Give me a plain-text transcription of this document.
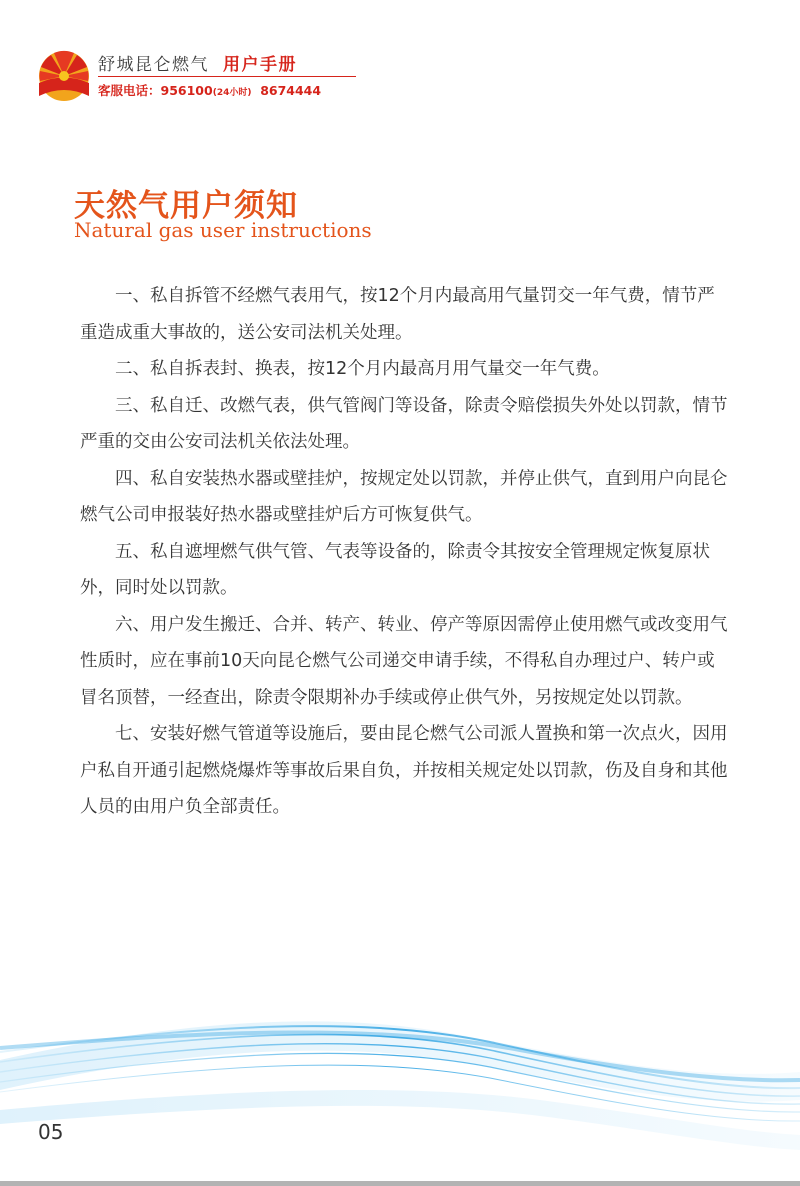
舒城昆仑燃气 用户手册
客服电话：956100(24小时) 8674444
天然气用户须知
Natural gas user instructions

一、私自拆管不经燃气表用气，按12个月内最高用气量罚交一年气费，情节严重造成重大事故的，送公安司法机关处理。

二、私自拆表封、换表，按12个月内最高月用气量交一年气费。

三、私自迁、改燃气表，供气管阀门等设备，除责令赔偿损失外处以罚款，情节严重的交由公安司法机关依法处理。

四、私自安装热水器或壁挂炉，按规定处以罚款，并停止供气，直到用户向昆仑燃气公司申报装好热水器或壁挂炉后方可恢复供气。

五、私自遮埋燃气供气管、气表等设备的，除责令其按安全管理规定恢复原状外，同时处以罚款。

六、用户发生搬迁、合并、转产、转业、停产等原因需停止使用燃气或改变用气性质时，应在事前10天向昆仑燃气公司递交申请手续，不得私自办理过户、转户或冒名顶替，一经查出，除责令限期补办手续或停止供气外，另按规定处以罚款。

七、安装好燃气管道等设施后，要由昆仑燃气公司派人置换和第一次点火，因用户私自开通引起燃烧爆炸等事故后果自负，并按相关规定处以罚款，伤及自身和其他人员的由用户负全部责任。

05
